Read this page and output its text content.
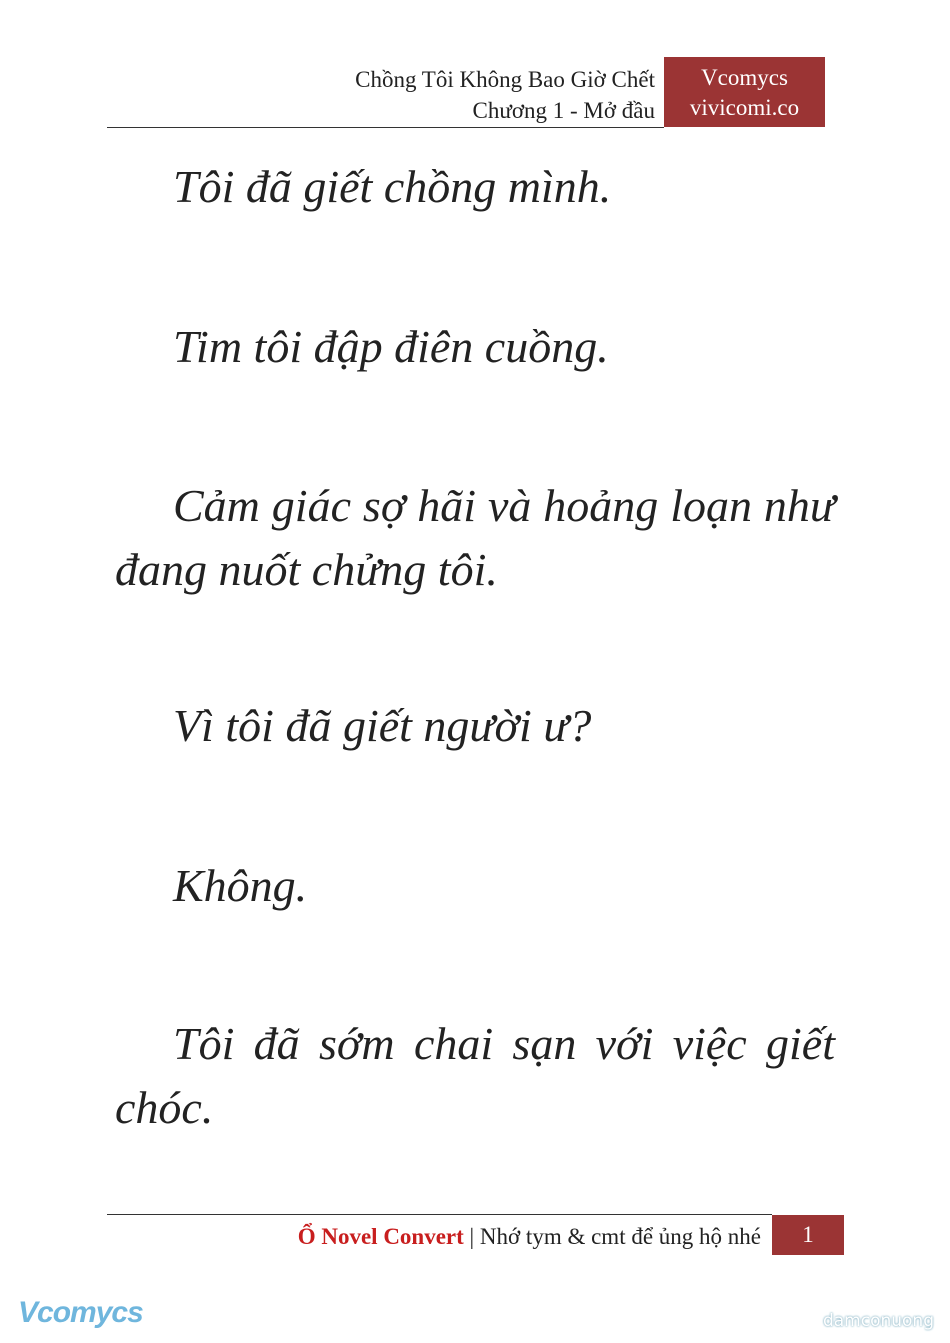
Chồng Tôi Không Bao Giờ Chết
Chương 1 - Mở đầu
Vcomycs
vivicomi.co

Tôi đã giết chồng mình.

Tim tôi đập điên cuồng.

Cảm giác sợ hãi và hoảng loạn như đang nuốt chửng tôi.

Vì tôi đã giết người ư?

Không.

Tôi đã sớm chai sạn với việc giết chóc.

Ổ Novel Convert | Nhớ tym & cmt để ủng hộ nhé	1
Vcomycs	damconuong
